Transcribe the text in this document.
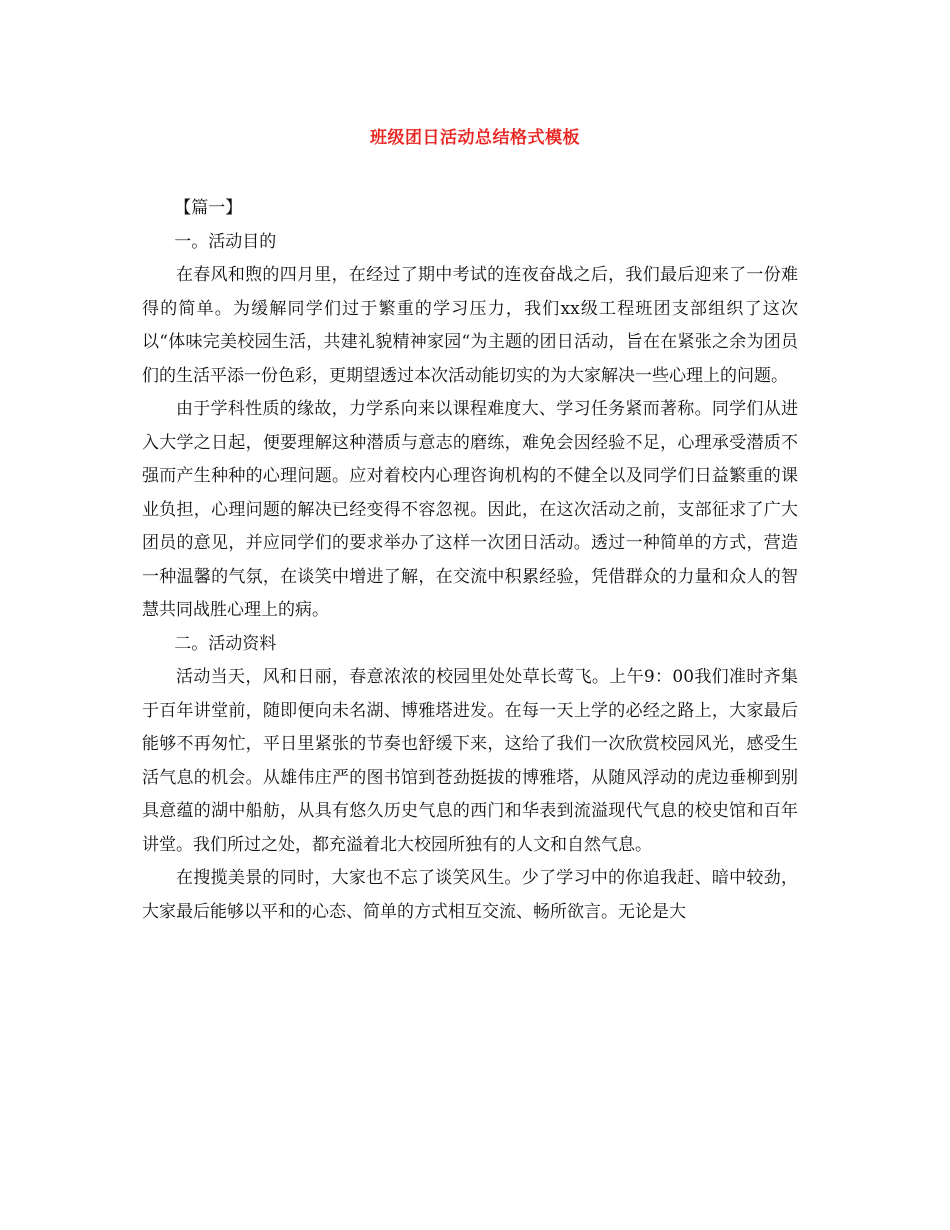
班级团日活动总结格式模板

【篇一】

一。活动目的

在春风和煦的四月里，在经过了期中考试的连夜奋战之后，我们最后迎来了一份难得的简单。为缓解同学们过于繁重的学习压力，我们xx级工程班团支部组织了这次以“体味完美校园生活，共建礼貌精神家园“为主题的团日活动，旨在在紧张之余为团员们的生活平添一份色彩，更期望透过本次活动能切实的为大家解决一些心理上的问题。

由于学科性质的缘故，力学系向来以课程难度大、学习任务紧而著称。同学们从进入大学之日起，便要理解这种潜质与意志的磨练，难免会因经验不足，心理承受潜质不强而产生种种的心理问题。应对着校内心理咨询机构的不健全以及同学们日益繁重的课业负担，心理问题的解决已经变得不容忽视。因此，在这次活动之前，支部征求了广大团员的意见，并应同学们的要求举办了这样一次团日活动。透过一种简单的方式，营造一种温馨的气氛，在谈笑中增进了解，在交流中积累经验，凭借群众的力量和众人的智慧共同战胜心理上的病。

二。活动资料

活动当天，风和日丽，春意浓浓的校园里处处草长莺飞。上午9：00我们准时齐集于百年讲堂前，随即便向未名湖、博雅塔进发。在每一天上学的必经之路上，大家最后能够不再匆忙，平日里紧张的节奏也舒缓下来，这给了我们一次欣赏校园风光，感受生活气息的机会。从雄伟庄严的图书馆到苍劲挺拔的博雅塔，从随风浮动的虎边垂柳到别具意蕴的湖中船舫，从具有悠久历史气息的西门和华表到流溢现代气息的校史馆和百年讲堂。我们所过之处，都充溢着北大校园所独有的人文和自然气息。

在搜揽美景的同时，大家也不忘了谈笑风生。少了学习中的你追我赶、暗中较劲，大家最后能够以平和的心态、简单的方式相互交流、畅所欲言。无论是大
